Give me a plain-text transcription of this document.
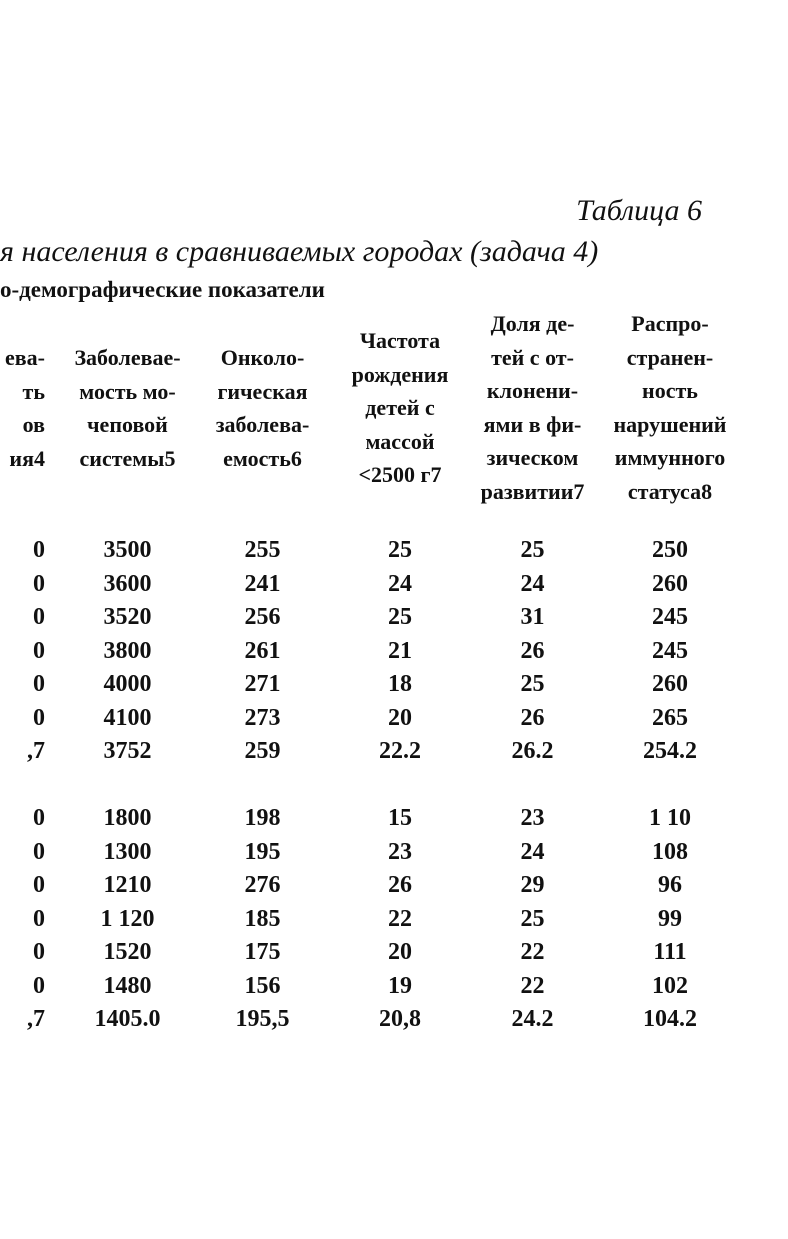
Таблица 6
я населения в сравниваемых городах (задача 4)
о-демографические показатели
ева-
ть
ов
ия4
Заболевае-
мость мо-
чеповой
системы5
Онколо-
гическая
заболева-
емость6
Частота
рождения
детей с
массой
<2500 г7
Доля де-
тей с от-
клонени-
ями в фи-
зическом
развитии7
Распро-
странен-
ность
нарушений
иммунного
статуса8
0	3500	255	25	25	250
0	3600	241	24	24	260
0	3520	256	25	31	245
0	3800	261	21	26	245
0	4000	271	18	25	260
0	4100	273	20	26	265
,7	3752	259	22.2	26.2	254.2
0	1800	198	15	23	1 10
0	1300	195	23	24	108
0	1210	276	26	29	96
0	1 120	185	22	25	99
0	1520	175	20	22	111
0	1480	156	19	22	102
,7	1405.0	195,5	20,8	24.2	104.2
